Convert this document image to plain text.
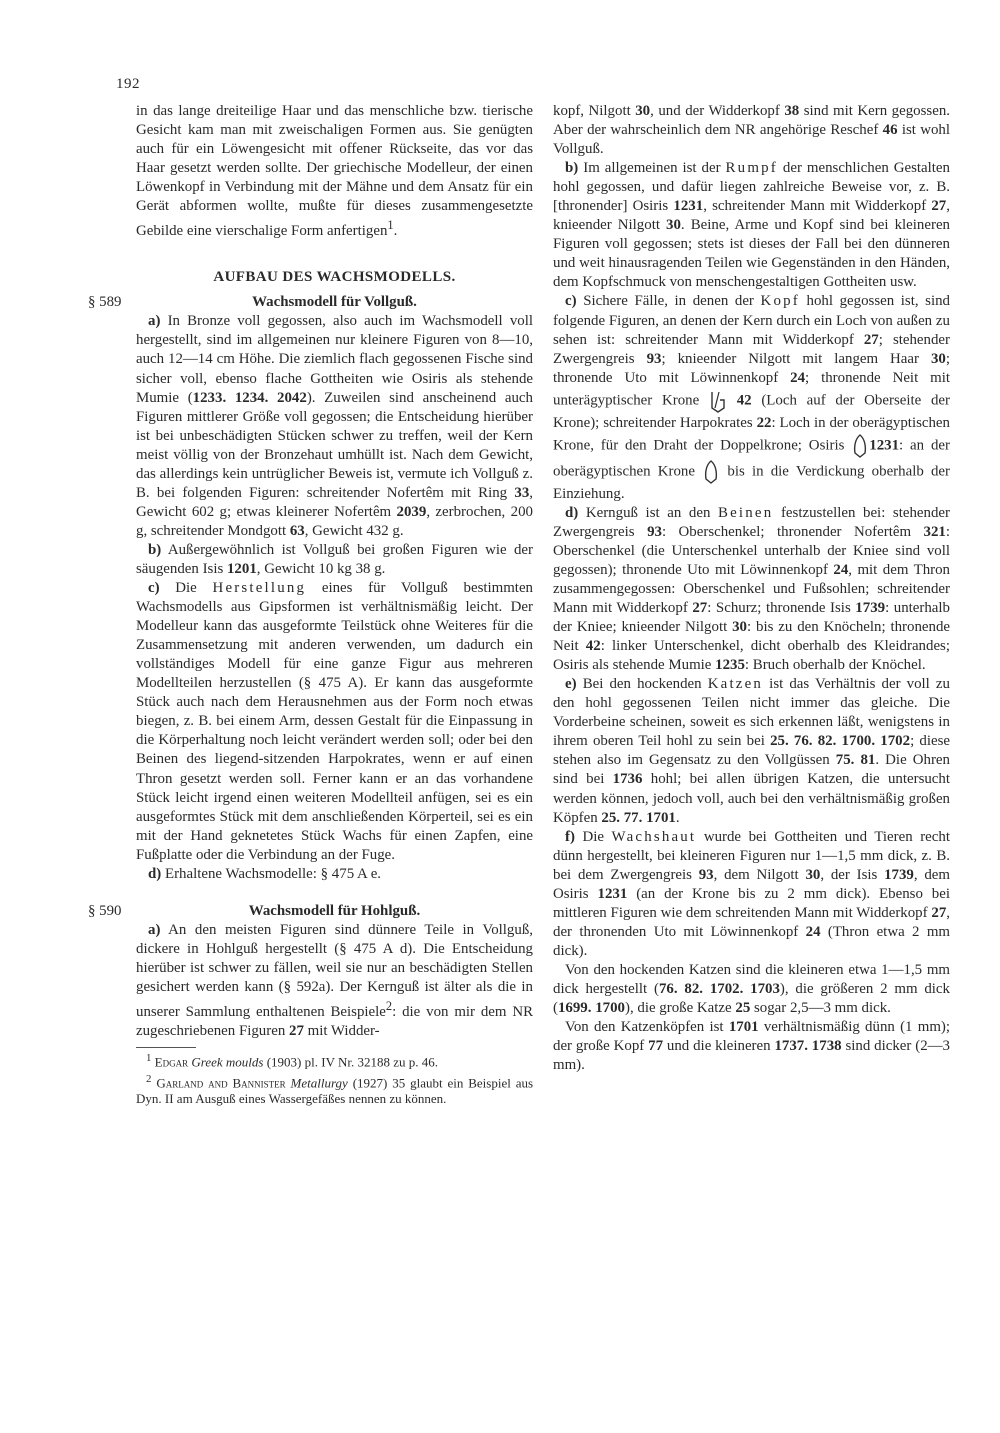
192

in das lange dreiteilige Haar und das menschliche bzw. tierische Gesicht kam man mit zweischaligen Formen aus. Sie genügten auch für ein Löwengesicht mit offener Rückseite, das vor das Haar gesetzt werden sollte. Der griechische Modelleur, der einen Löwenkopf in Verbindung mit der Mähne und dem Ansatz für ein Gerät abformen wollte, mußte für dieses zusammengesetzte Gebilde eine vierschalige Form anfertigen$^1$.

AUFBAU DES WACHSMODELLS.
§ 589	Wachsmodell für Vollguß.

a) In Bronze voll gegossen, also auch im Wachsmodell voll hergestellt, sind im allgemeinen nur kleinere Figuren von 8—10, auch 12—14 cm Höhe. Die ziemlich flach gegossenen Fische sind sicher voll, ebenso flache Gottheiten wie Osiris als stehende Mumie (1233. 1234. 2042). Zuweilen sind anscheinend auch Figuren mittlerer Größe voll gegossen; die Entscheidung hierüber ist bei unbeschädigten Stücken schwer zu treffen, weil der Kern meist völlig von der Bronzehaut umhüllt ist. Nach dem Gewicht, das allerdings kein untrüglicher Beweis ist, vermute ich Vollguß z. B. bei folgenden Figuren: schreitender Nofertêm mit Ring 33, Gewicht 602 g; etwas kleinerer Nofertêm 2039, zerbrochen, 200 g, schreitender Mondgott 63, Gewicht 432 g.

b) Außergewöhnlich ist Vollguß bei großen Figuren wie der säugenden Isis 1201, Gewicht 10 kg 38 g.

c) Die Herstellung eines für Vollguß bestimmten Wachsmodells aus Gipsformen ist verhältnismäßig leicht. Der Modelleur kann das ausgeformte Teilstück ohne Weiteres für die Zusammensetzung mit anderen verwenden, um dadurch ein vollständiges Modell für eine ganze Figur aus mehreren Modellteilen herzustellen (§ 475 A). Er kann das ausgeformte Stück auch nach dem Herausnehmen aus der Form noch etwas biegen, z. B. bei einem Arm, dessen Gestalt für die Einpassung in die Körperhaltung noch leicht verändert werden soll; oder bei den Beinen des liegend-sitzenden Harpokrates, wenn er auf einen Thron gesetzt werden soll. Ferner kann er an das vorhandene Stück leicht irgend einen weiteren Modellteil anfügen, sei es ein ausgeformtes Stück mit dem anschließenden Körperteil, sei es ein mit der Hand geknetetes Stück Wachs für einen Zapfen, eine Fußplatte oder die Verbindung an der Fuge.

d) Erhaltene Wachsmodelle: § 475 A e.

§ 590	Wachsmodell für Hohlguß.

a) An den meisten Figuren sind dünnere Teile in Vollguß, dickere in Hohlguß hergestellt (§ 475 A d). Die Entscheidung hierüber ist schwer zu fällen, weil sie nur an beschädigten Stellen gesichert werden kann (§ 592a). Der Kernguß ist älter als die in unserer Sammlung enthaltenen Beispiele$^2$: die von mir dem NR zugeschriebenen Figuren 27 mit Widder-

$^1$ Edgar Greek moulds (1903) pl. IV Nr. 32188 zu p. 46.

$^2$ Garland and Bannister Metallurgy (1927) 35 glaubt ein Beispiel aus Dyn. II am Ausguß eines Wassergefäßes nennen zu können.

kopf, Nilgott 30, und der Widderkopf 38 sind mit Kern gegossen. Aber der wahrscheinlich dem NR angehörige Reschef 46 ist wohl Vollguß.

b) Im allgemeinen ist der Rumpf der menschlichen Gestalten hohl gegossen, und dafür liegen zahlreiche Beweise vor, z. B. [thronender] Osiris 1231, schreitender Mann mit Widderkopf 27, knieender Nilgott 30. Beine, Arme und Kopf sind bei kleineren Figuren voll gegossen; stets ist dieses der Fall bei den dünneren und weit hinausragenden Teilen wie Gegenständen in den Händen, dem Kopfschmuck von menschengestaltigen Gottheiten usw.

c) Sichere Fälle, in denen der Kopf hohl gegossen ist, sind folgende Figuren, an denen der Kern durch ein Loch von außen zu sehen ist: schreitender Mann mit Widderkopf 27; stehender Zwergengreis 93; knieender Nilgott mit langem Haar 30; thronende Uto mit Löwinnenkopf 24; thronende Neit mit unterägyptischer Krone
42 (Loch auf der Oberseite der Krone); schreitender Harpokrates 22: Loch in der oberägyptischen Krone, für den Draht der Doppelkrone; Osiris
1231: an der oberägyptischen Krone
bis in die Verdickung oberhalb der Einziehung.

d) Kernguß ist an den Beinen festzustellen bei: stehender Zwergengreis 93: Oberschenkel; thronender Nofertêm 321: Oberschenkel (die Unterschenkel unterhalb der Kniee sind voll gegossen); thronende Uto mit Löwinnenkopf 24, mit dem Thron zusammengegossen: Oberschenkel und Fußsohlen; schreitender Mann mit Widderkopf 27: Schurz; thronende Isis 1739: unterhalb der Kniee; knieender Nilgott 30: bis zu den Knöcheln; thronende Neit 42: linker Unterschenkel, dicht oberhalb des Kleidrandes; Osiris als stehende Mumie 1235: Bruch oberhalb der Knöchel.

e) Bei den hockenden Katzen ist das Verhältnis der voll zu den hohl gegossenen Teilen nicht immer das gleiche. Die Vorderbeine scheinen, soweit es sich erkennen läßt, wenigstens in ihrem oberen Teil hohl zu sein bei 25. 76. 82. 1700. 1702; diese stehen also im Gegensatz zu den Vollgüssen 75. 81. Die Ohren sind bei 1736 hohl; bei allen übrigen Katzen, die untersucht werden können, jedoch voll, auch bei den verhältnismäßig großen Köpfen 25. 77. 1701.

f) Die Wachshaut wurde bei Gottheiten und Tieren recht dünn hergestellt, bei kleineren Figuren nur 1—1,5 mm dick, z. B. bei dem Zwergengreis 93, dem Nilgott 30, der Isis 1739, dem Osiris 1231 (an der Krone bis zu 2 mm dick). Ebenso bei mittleren Figuren wie dem schreitenden Mann mit Widderkopf 27, der thronenden Uto mit Löwinnenkopf 24 (Thron etwa 2 mm dick).

Von den hockenden Katzen sind die kleineren etwa 1—1,5 mm dick hergestellt (76. 82. 1702. 1703), die größeren 2 mm dick (1699. 1700), die große Katze 25 sogar 2,5—3 mm dick.

Von den Katzenköpfen ist 1701 verhältnismäßig dünn (1 mm); der große Kopf 77 und die kleineren 1737. 1738 sind dicker (2—3 mm).
